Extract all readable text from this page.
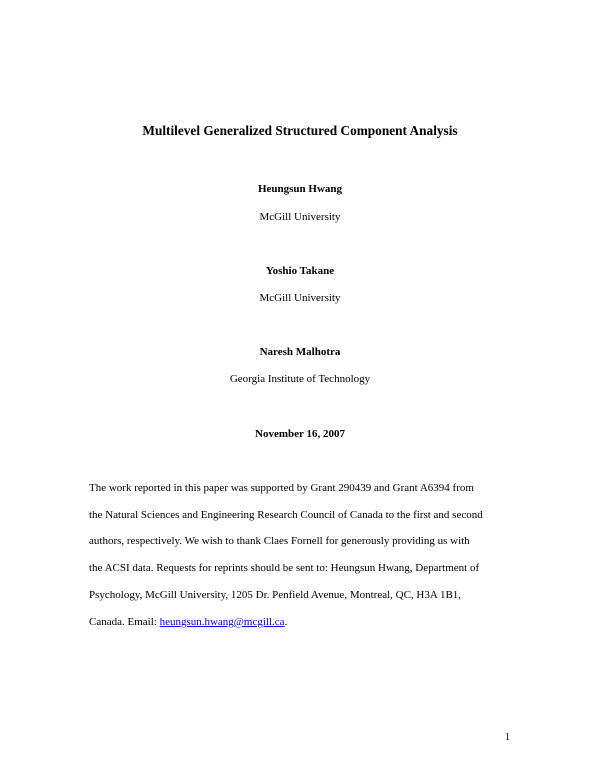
Multilevel Generalized Structured Component Analysis
Heungsun Hwang
McGill University
Yoshio Takane
McGill University
Naresh Malhotra
Georgia Institute of Technology
November 16, 2007
The work reported in this paper was supported by Grant 290439 and Grant A6394 from
the Natural Sciences and Engineering Research Council of Canada to the first and second
authors, respectively. We wish to thank Claes Fornell for generously providing us with
the ACSI data. Requests for reprints should be sent to: Heungsun Hwang, Department of
Psychology, McGill University, 1205 Dr. Penfield Avenue, Montreal, QC, H3A 1B1,
Canada. Email: heungsun.hwang@mcgill.ca.
1
